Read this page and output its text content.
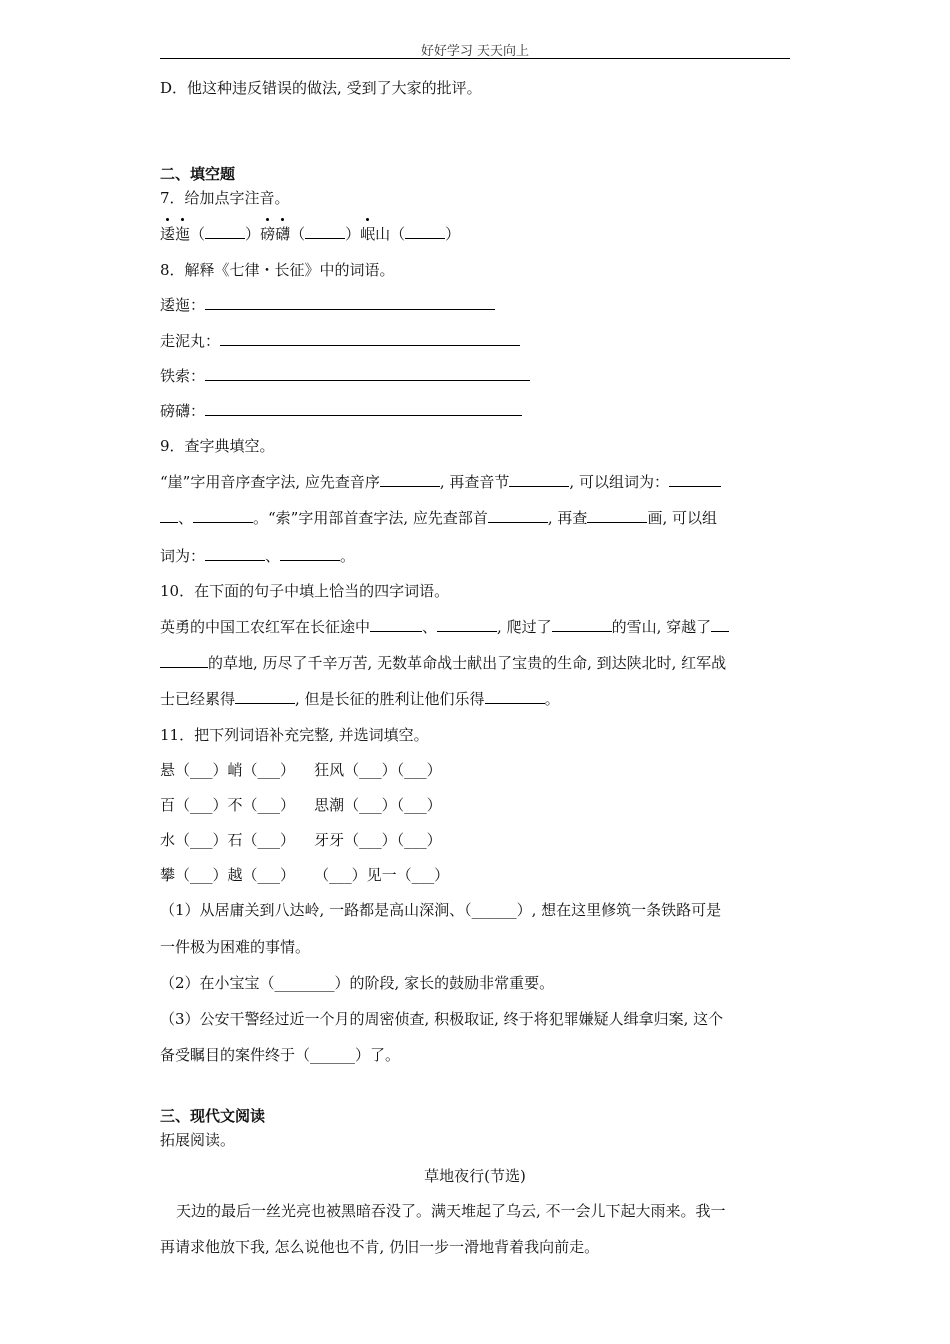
好好学习 天天向上
D．他这种违反错误的做法, 受到了大家的批评。
二、填空题
7．给加点字注音。
逶迤（	）磅礴（	）岷山（	）
8．解释《七律・长征》中的词语。
逶迤：
走泥丸：
铁索：
磅礴：
9．查字典填空。
“崖”字用音序查字法, 应先查音序	, 再查音节	, 可以组词为：
、	。“索”字用部首查字法, 应先查部首	, 再查	画, 可以组
词为：	、	。
10．在下面的句子中填上恰当的四字词语。
英勇的中国工农红军在长征途中	、	, 爬过了	的雪山, 穿越了
的草地, 历尽了千辛万苦, 无数革命战士献出了宝贵的生命, 到达陕北时, 红军战
士已经累得	, 但是长征的胜利让他们乐得	。
11．把下列词语补充完整, 并选词填空。
悬（___）峭（___）    狂风（___）（___）
百（___）不（___）    思潮（___）（___）
水（___）石（___）    牙牙（___）（___）
攀（___）越（___）    （___）见一（___）
（1）从居庸关到八达岭, 一路都是高山深涧、（______）, 想在这里修筑一条铁路可是
一件极为困难的事情。
（2）在小宝宝（________）的阶段, 家长的鼓励非常重要。
（3）公安干警经过近一个月的周密侦查, 积极取证, 终于将犯罪嫌疑人缉拿归案, 这个
备受瞩目的案件终于（______）了。
三、现代文阅读
拓展阅读。
草地夜行(节选)
天边的最后一丝光亮也被黑暗吞没了。满天堆起了乌云, 不一会儿下起大雨来。我一
再请求他放下我, 怎么说他也不肯, 仍旧一步一滑地背着我向前走。
